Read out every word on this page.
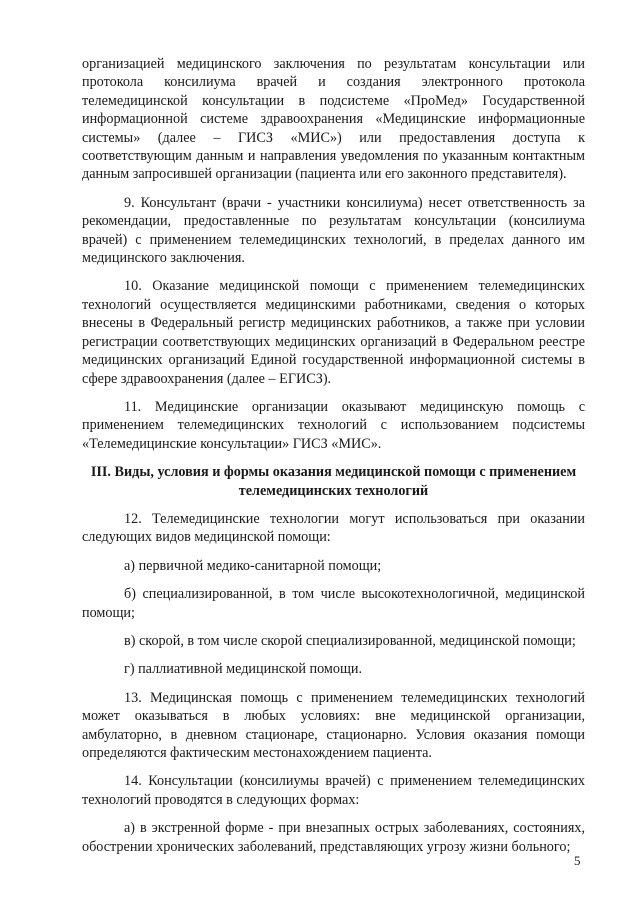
организацией медицинского заключения по результатам консультации или протокола консилиума врачей и создания электронного протокола телемедицинской консультации в подсистеме «ПроМед» Государственной информационной системе здравоохранения «Медицинские информационные системы» (далее – ГИСЗ «МИС») или предоставления доступа к соответствующим данным и направления уведомления по указанным контактным данным запросившей организации (пациента или его законного представителя).

9. Консультант (врачи - участники консилиума) несет ответственность за рекомендации, предоставленные по результатам консультации (консилиума врачей) с применением телемедицинских технологий, в пределах данного им медицинского заключения.

10. Оказание медицинской помощи с применением телемедицинских технологий осуществляется медицинскими работниками, сведения о которых внесены в Федеральный регистр медицинских работников, а также при условии регистрации соответствующих медицинских организаций в Федеральном реестре медицинских организаций Единой государственной информационной системы в сфере здравоохранения (далее – ЕГИСЗ).

11. Медицинские организации оказывают медицинскую помощь с применением телемедицинских технологий с использованием подсистемы «Телемедицинские консультации» ГИСЗ «МИС».

III. Виды, условия и формы оказания медицинской помощи с применением телемедицинских технологий

12. Телемедицинские технологии могут использоваться при оказании следующих видов медицинской помощи:

а) первичной медико-санитарной помощи;

б) специализированной, в том числе высокотехнологичной, медицинской помощи;

в) скорой, в том числе скорой специализированной, медицинской помощи;

г) паллиативной медицинской помощи.

13. Медицинская помощь с применением телемедицинских технологий может оказываться в любых условиях: вне медицинской организации, амбулаторно, в дневном стационаре, стационарно. Условия оказания помощи определяются фактическим местонахождением пациента.

14. Консультации (консилиумы врачей) с применением телемедицинских технологий проводятся в следующих формах:

а) в экстренной форме - при внезапных острых заболеваниях, состояниях, обострении хронических заболеваний, представляющих угрозу жизни больного;

5
